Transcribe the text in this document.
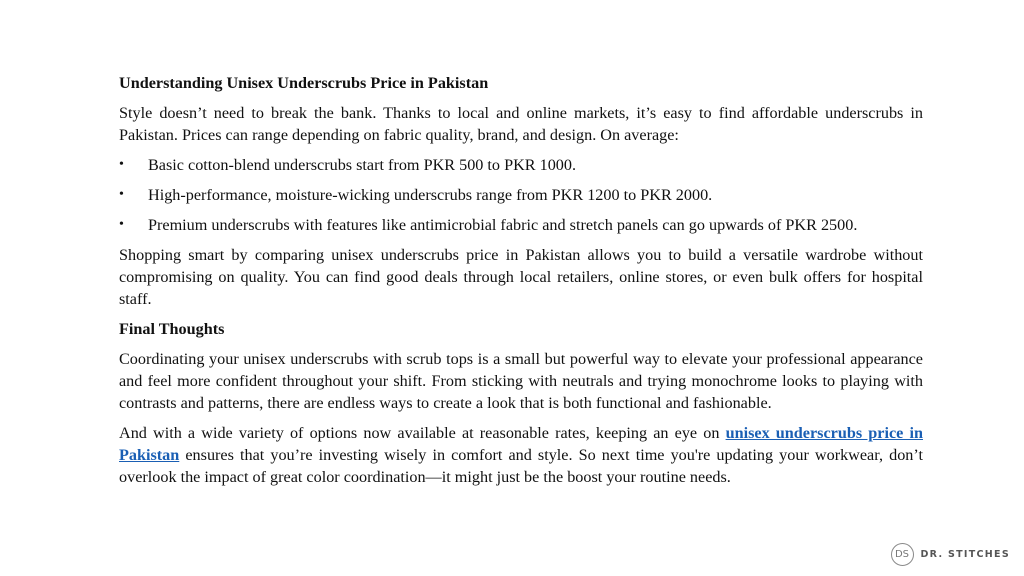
Understanding Unisex Underscrubs Price in Pakistan

Style doesn’t need to break the bank. Thanks to local and online markets, it’s easy to find affordable underscrubs in Pakistan. Prices can range depending on fabric quality, brand, and design. On average:

• Basic cotton-blend underscrubs start from PKR 500 to PKR 1000.
• High-performance, moisture-wicking underscrubs range from PKR 1200 to PKR 2000.
• Premium underscrubs with features like antimicrobial fabric and stretch panels can go upwards of PKR 2500.

Shopping smart by comparing unisex underscrubs price in Pakistan allows you to build a versatile wardrobe without compromising on quality. You can find good deals through local retailers, online stores, or even bulk offers for hospital staff.

Final Thoughts

Coordinating your unisex underscrubs with scrub tops is a small but powerful way to elevate your professional appearance and feel more confident throughout your shift. From sticking with neutrals and trying monochrome looks to playing with contrasts and patterns, there are endless ways to create a look that is both functional and fashionable.

And with a wide variety of options now available at reasonable rates, keeping an eye on unisex underscrubs price in Pakistan ensures that you’re investing wisely in comfort and style. So next time you're updating your workwear, don’t overlook the impact of great color coordination—it might just be the boost your routine needs.

DS	DR. STITCHES
